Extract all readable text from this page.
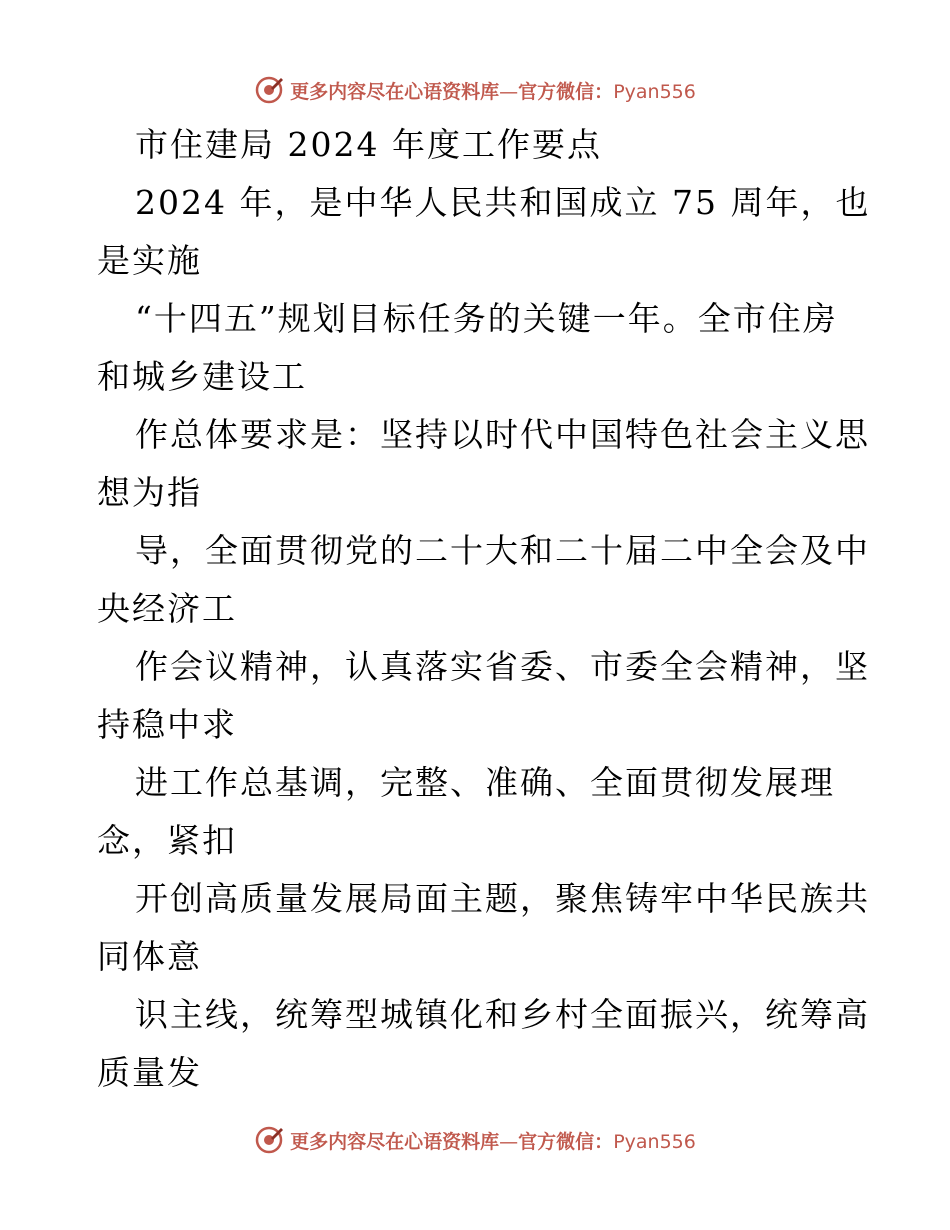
更多内容尽在心语资料库—官方微信：Pyan556
市住建局 2024 年度工作要点
2024 年，是中华人民共和国成立 75 周年，也
是实施
“十四五”规划目标任务的关键一年。全市住房
和城乡建设工
作总体要求是：坚持以时代中国特色社会主义思
想为指
导，全面贯彻党的二十大和二十届二中全会及中
央经济工
作会议精神，认真落实省委、市委全会精神，坚
持稳中求
进工作总基调，完整、准确、全面贯彻发展理
念，紧扣
开创高质量发展局面主题，聚焦铸牢中华民族共
同体意
识主线，统筹型城镇化和乡村全面振兴，统筹高
质量发
更多内容尽在心语资料库—官方微信：Pyan556
